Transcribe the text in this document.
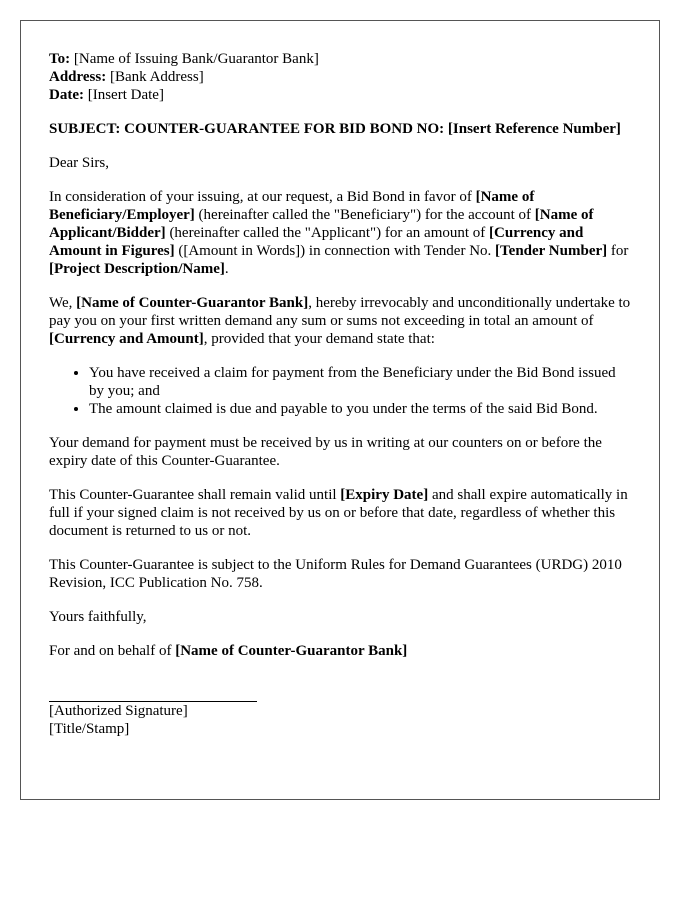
To: [Name of Issuing Bank/Guarantor Bank]

Address: [Bank Address]

Date: [Insert Date]

SUBJECT: COUNTER-GUARANTEE FOR BID BOND NO: [Insert Reference Number]

Dear Sirs,

In consideration of your issuing, at our request, a Bid Bond in favor of [Name of Beneficiary/Employer] (hereinafter called the "Beneficiary") for the account of [Name of Applicant/Bidder] (hereinafter called the "Applicant") for an amount of [Currency and Amount in Figures] ([Amount in Words]) in connection with Tender No. [Tender Number] for [Project Description/Name].

We, [Name of Counter-Guarantor Bank], hereby irrevocably and unconditionally undertake to pay you on your first written demand any sum or sums not exceeding in total an amount of [Currency and Amount], provided that your demand state that:

• You have received a claim for payment from the Beneficiary under the Bid Bond issued by you; and
• The amount claimed is due and payable to you under the terms of the said Bid Bond.

Your demand for payment must be received by us in writing at our counters on or before the expiry date of this Counter-Guarantee.

This Counter-Guarantee shall remain valid until [Expiry Date] and shall expire automatically in full if your signed claim is not received by us on or before that date, regardless of whether this document is returned to us or not.

This Counter-Guarantee is subject to the Uniform Rules for Demand Guarantees (URDG) 2010 Revision, ICC Publication No. 758.

Yours faithfully,

For and on behalf of [Name of Counter-Guarantor Bank]

[Authorized Signature]

[Title/Stamp]
